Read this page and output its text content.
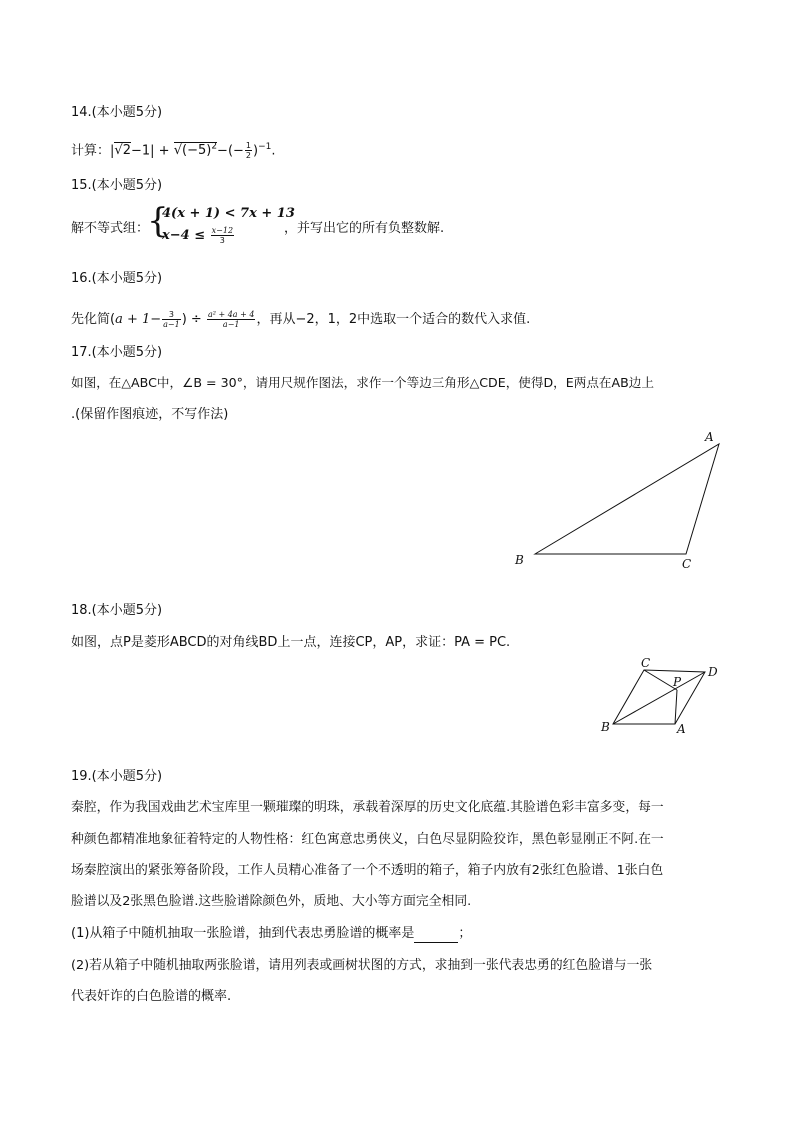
14.(本小题5分)
计算：$|√2-1| + √(-5)^2-(- \frac{1}{2} )^{-1}$.
15.(本小题5分)
解不等式组：
{
4(x + 1) < 7x + 13
$x-4 \le \frac{x-12}{3}$	，并写出它的所有负整数解.
16.(本小题5分)
先化简($a + 1- \frac{3}{a-1}$ ) ÷ $\frac{\text{a² + 4a + 4}}{a-1}$ ，再从−2，1，2中选取一个适合的数代入求值.
17.(本小题5分)
如图，在△ABC中，∠B = 30°，请用尺规作图法，求作一个等边三角形△CDE，使得D，E两点在AB边上
.(保留作图痕迹，不写作法)
A
B	C
18.(本小题5分)
如图，点P是菱形ABCD的对角线BD上一点，连接CP，AP，求证：PA = PC.
C
D
P
B	A
19.(本小题5分)
秦腔，作为我国戏曲艺术宝库里一颗璀璨的明珠，承载着深厚的历史文化底蕴.其脸谱色彩丰富多变，每一
种颜色都精准地象征着特定的人物性格：红色寓意忠勇侠义，白色尽显阴险狡诈，黑色彰显刚正不阿.在一
场秦腔演出的紧张筹备阶段，工作人员精心准备了一个不透明的箱子，箱子内放有2张红色脸谱、1张白色
脸谱以及2张黑色脸谱.这些脸谱除颜色外，质地、大小等方面完全相同.
(1)从箱子中随机抽取一张脸谱，抽到代表忠勇脸谱的概率是	；
(2)若从箱子中随机抽取两张脸谱，请用列表或画树状图的方式，求抽到一张代表忠勇的红色脸谱与一张
代表奸诈的白色脸谱的概率.
